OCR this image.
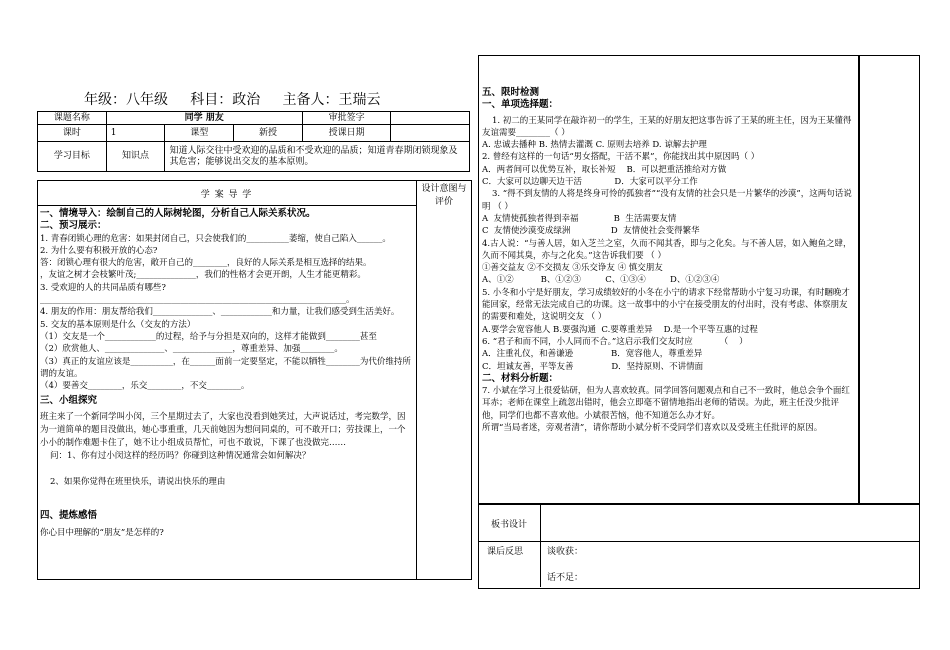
年级：八年级     科目：政治     主备人：王瑞云
课题名称	同学 朋友			审批签字	
课时	1	课型	新授	授课日期	
学习目标	知识点	知道人际交往中受欢迎的品质和不受欢迎的品质；知道青春期闭锁现象及其危害；能够说出交友的基本原则。			
学 案 导 学
设计意图与评价

一、情境导入：绘制自己的人际树轮图，分析自己人际关系状况。

二、预习展示：

1. 青春闭锁心理的危害：如果封闭自己，只会使我们的__________萎缩，使自己陷入______。

2. 为什么要有积极开放的心态?

答：闭锁心理有很大的危害，敞开自己的________，良好的人际关系是相互选择的结果。

，友谊之树才会枝繁叶茂;______________，我们的性格才会更开朗，人生才能更精彩。

3. 受欢迎的人的共同品质有哪些?

________________________________________________________________________。

4. 朋友的作用：朋友帮给我们______________、____________和力量，让我们感受到生活美好。

5. 交友的基本原则是什么（交友的方法）

（1）交友是一个____________的过程，给予与分担是双向的，这样才能做到________甚至

（2）欣赏他人、______________、______________，尊重差异、加强________。

（3）真正的友谊应该是__________，在______面前一定要坚定，不能以牺牲________为代价维持所谓的友谊。

（4）要善交________，乐交________，不交________。

三、小组探究

班主来了一个新同学叫小闵，三个星期过去了，大家也没看到她笑过，大声说话过，考完数学，因为一道简单的题目没做出，她心事重重，几天前她因为想问同桌的，可不敢开口；劳技课上，一个小小的制作难题卡住了，她不让小组成员帮忙，可也不敢说，下课了也没做完……

问：1、你有过小闵这样的经历吗？你碰到这种情况通常会如何解决？

2、如果你觉得在班里快乐，请说出快乐的理由

四、提炼感悟

你心目中理解的“朋友”是怎样的?

五、限时检测

一、单项选择题：

1. 初二的王某同学在敲诈初一的学生，王某的好朋友把这事告诉了王某的班主任，因为王某懂得友谊需要________（ ）

A. 忠诚去播种 B. 热情去灌溉 C. 原则去培养 D. 谅解去护理

2. 曾经有这样的一句话“男女搭配，干活不累”，你能找出其中原因吗（ ）

A．两者间可以优势互补，取长补短    B．可以把重活推给对方做

C．大家可以边聊天边干活            D．大家可以平分工作

3. “得不到友情的人将是终身可怜的孤独者”“没有友情的社会只是一片繁华的沙漠”，这两句话说明 （ ）

A  友情使孤独者得到幸福             B  生活需要友情

C  友情使沙漠变成绿洲               D  友情使社会变得繁华

4.古人说：“与善人居，如入芝兰之室，久而不闻其香，即与之化矣。与不善人居，如入鲍鱼之肆，久而不闻其臭，亦与之化矣。”这告诉我们要 （ ）

①善交益友 ②不交损友 ③乐交诤友 ④ 慎交朋友

A、①②          B、①②③         C、①③④         D、①②③④

5. 小冬和小宁是好朋友，学习成绩较好的小冬在小宁的请求下经常帮助小宁复习功课，有时睏晚才能回家，经常无法完成自己的功课。这一故事中的小宁在接受朋友的付出时，没有考虑、体察朋友的需要和难处，这说明交友 （ ）

A.要学会宽容他人 B.要强沟通  C.要尊重差异    D.是一个平等互惠的过程

6. “君子和而不同，小人同而不合。”这启示我们交友时应          （    ）

A．注重礼仪，和善谦逊              B．宽容他人，尊重差异

C．坦诚友善，平等友善              D．坚持原则、不讲情面

二、材料分析题：

7. 小斌在学习上很爱钻研，但为人喜欢较真。同学回答问题观点和自己不一致时，他总会争个面红耳赤；老师在课堂上疏忽出错时，他会立即毫不留情地指出老师的错误。为此，班主任没少批评他，同学们也都不喜欢他。小斌很苦恼，他不知道怎么办才好。

所谓“当局者迷，旁观者清”，请你帮助小斌分析不受同学们喜欢以及受班主任批评的原因。

板书设计
课后反思	谈收获：
话不足：
